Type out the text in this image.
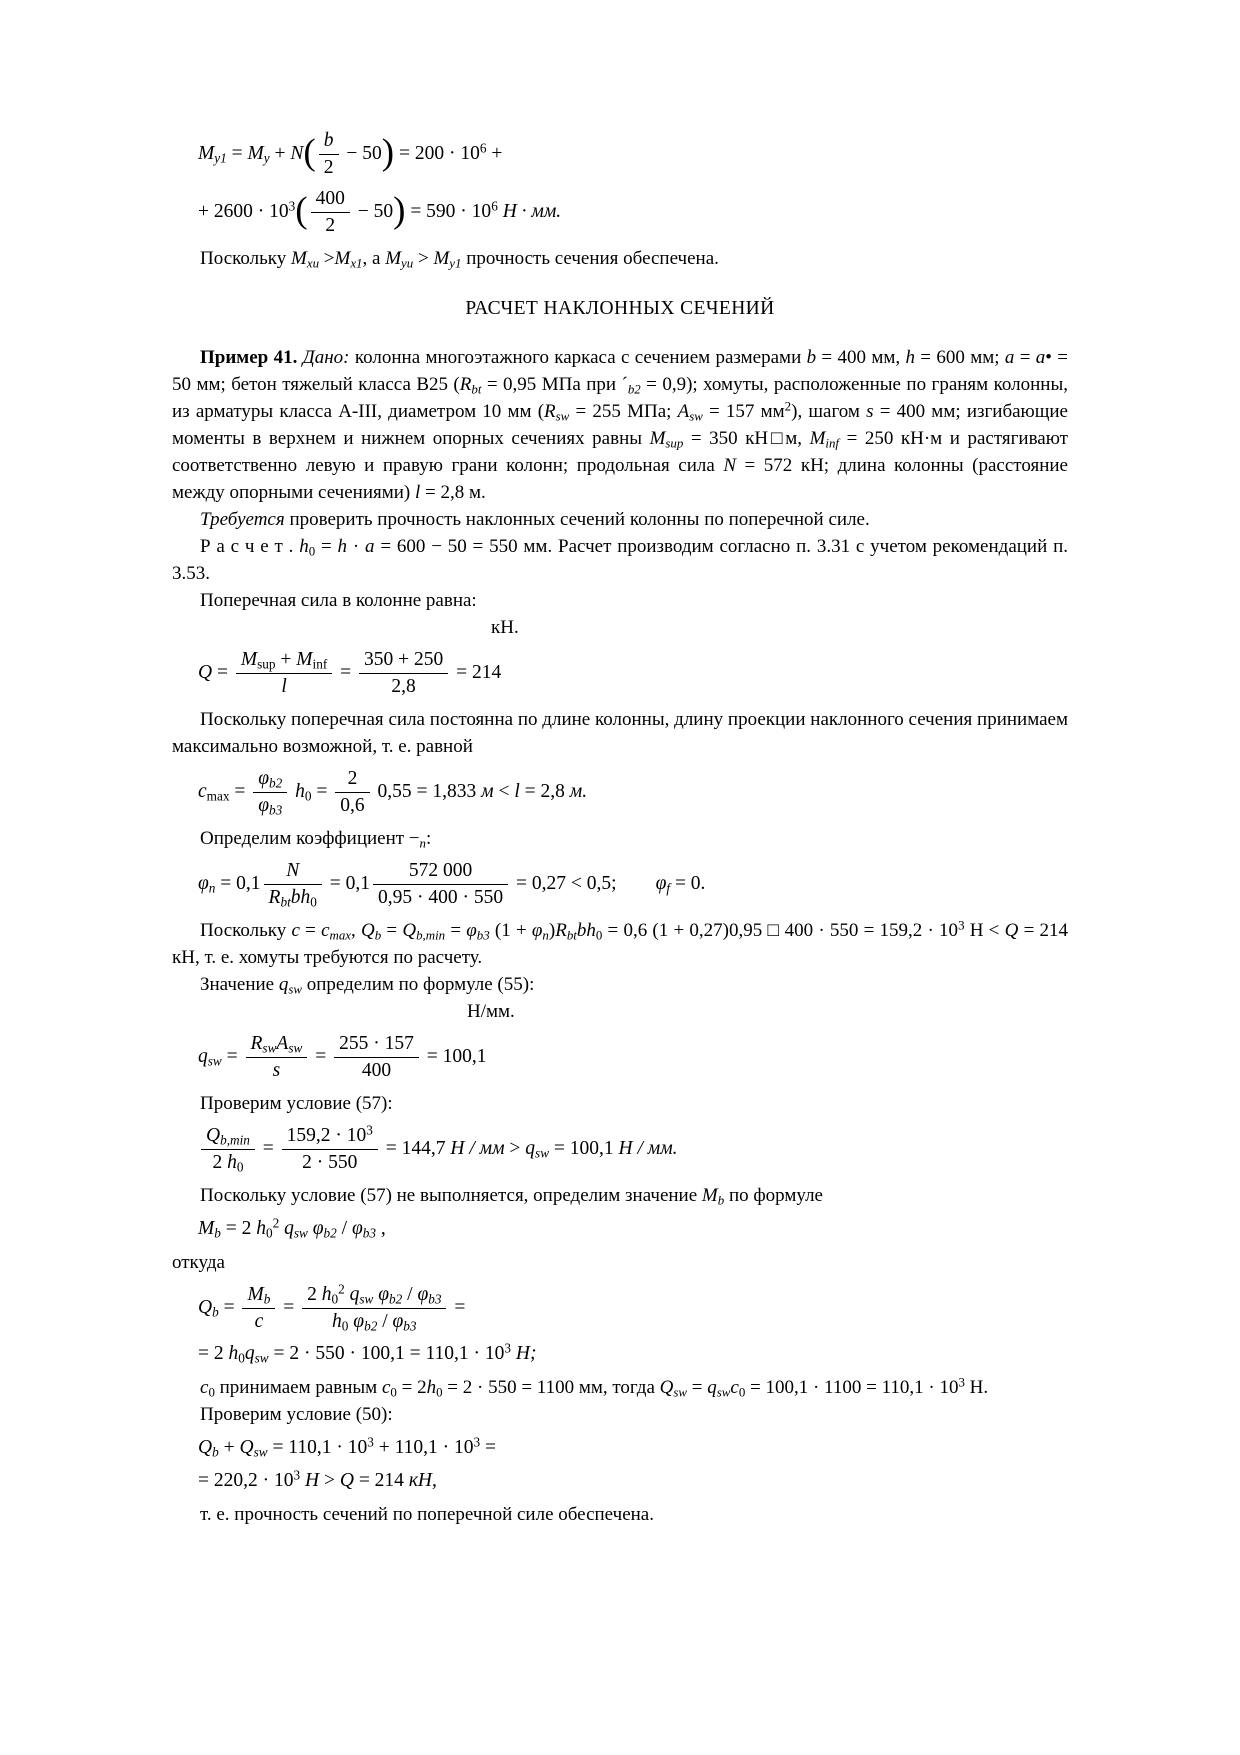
$My1 = My + N( \frac{b}{2} - 50) = 200 \cdot 10^6$ +
+ $2600 \cdot 10^3( \frac{400}{2} - 50) = 590 \cdot 10^6$ Н · мм.

Поскольку Mxu >Mx1, а Myu > My1 прочность сечения обеспечена.

РАСЧЕТ НАКЛОННЫХ СЕЧЕНИЙ

Пример 41. Дано: колонна многоэтажного каркаса с сечением размерами b = 400 мм, h = 600 мм; a = a• = 50 мм; бетон тяжелый класса В25 (Rbt = 0,95 МПа при ´b2 = 0,9); хомуты, расположенные по граням колонны, из арматуры класса А-III, диаметром 10 мм (Rsw = 255 МПа; Asw = 157 $мм^2$), шагом s = 400 мм; изгибающие моменты в верхнем и нижнем опорных сечениях равны Msup = 350 кН□м, Minf = 250 кН·м и растягивают соответственно левую и правую грани колонн; продольная сила N = 572 кН; длина колонны (расстояние между опорными сечениями) l = 2,8 м.

Требуется проверить прочность наклонных сечений колонны по поперечной силе.

Р а с ч е т . h0 = h · a = 600 − 50 = 550 мм. Расчет производим согласно п. 3.31 с учетом рекомендаций п. 3.53.

Поперечная сила в колонне равна:

кН.
$Q = \frac{\text{Msup + Minf}}{l} = \frac{350 + 250}{2,8} = 214$

Поскольку поперечная сила постоянна по длине колонны, длину проекции наклонного сечения принимаем максимально возможной, т. е. равной

$cmax = \frac{\varphi b2}{\varphi b3} h0 = \frac{2}{0,6} 0,55 = 1,833$ м < l = 2,8 м.

Определим коэффициент −n:

$\varphi n = 0,1 \frac{N}{\text{Rbtbh0}} = 0,1 \frac{572 000}{0,95 \cdot 400 \cdot 550} = 0,27 < 0,5$;   φf = 0.

Поскольку c = cmax, Qb = Qb,min = φb3 (1 + φn)Rbtbh0 = 0,6 (1 + 0,27)0,95 □ $400 \cdot 550 = 159,2 \cdot 10^3$ Н < Q = 214 кН, т. е. хомуты требуются по расчету.

Значение qsw определим по формуле (55):

Н/мм.
qsw = $\frac{\text{RswAsw}}{s} = \frac{255 \cdot 157}{400} = 100,1$

Проверим условие (57):

$\frac{Qb,\min}{2 h0} = \frac{159,2 \cdot 10^3}{2 \cdot 550} = 144,7$ Н / мм > qsw = 100,1 Н / мм.

Поскольку условие (57) не выполняется, определим значение Mb по формуле

Mb = 2 $h0^2$ qsw φb2 / φb3 ,

откуда

$Qb = \frac{Mb}{c} = \frac{2 h0^2 qsw \varphi b2 / \varphi b3}{h0 \varphi b2 / \varphi b3}$ =
= 2 $h0qsw = 2 \cdot 550 \cdot 100,1 = 110,1 \cdot 10^3$ Н;

c0 принимаем равным c0 = 2h0 = 2 · 550 = 1100 мм, тогда Qsw = qswc0 = $100,1 \cdot 1100 = 110,1 \cdot 10^3$ Н.

Проверим условие (50):

Qb + Qsw = $110,1 \cdot 10^3 + 110,1 \cdot 10^3$ =
= $220,2 \cdot 10^3$ Н > Q = 214 кН,

т. е. прочность сечений по поперечной силе обеспечена.
